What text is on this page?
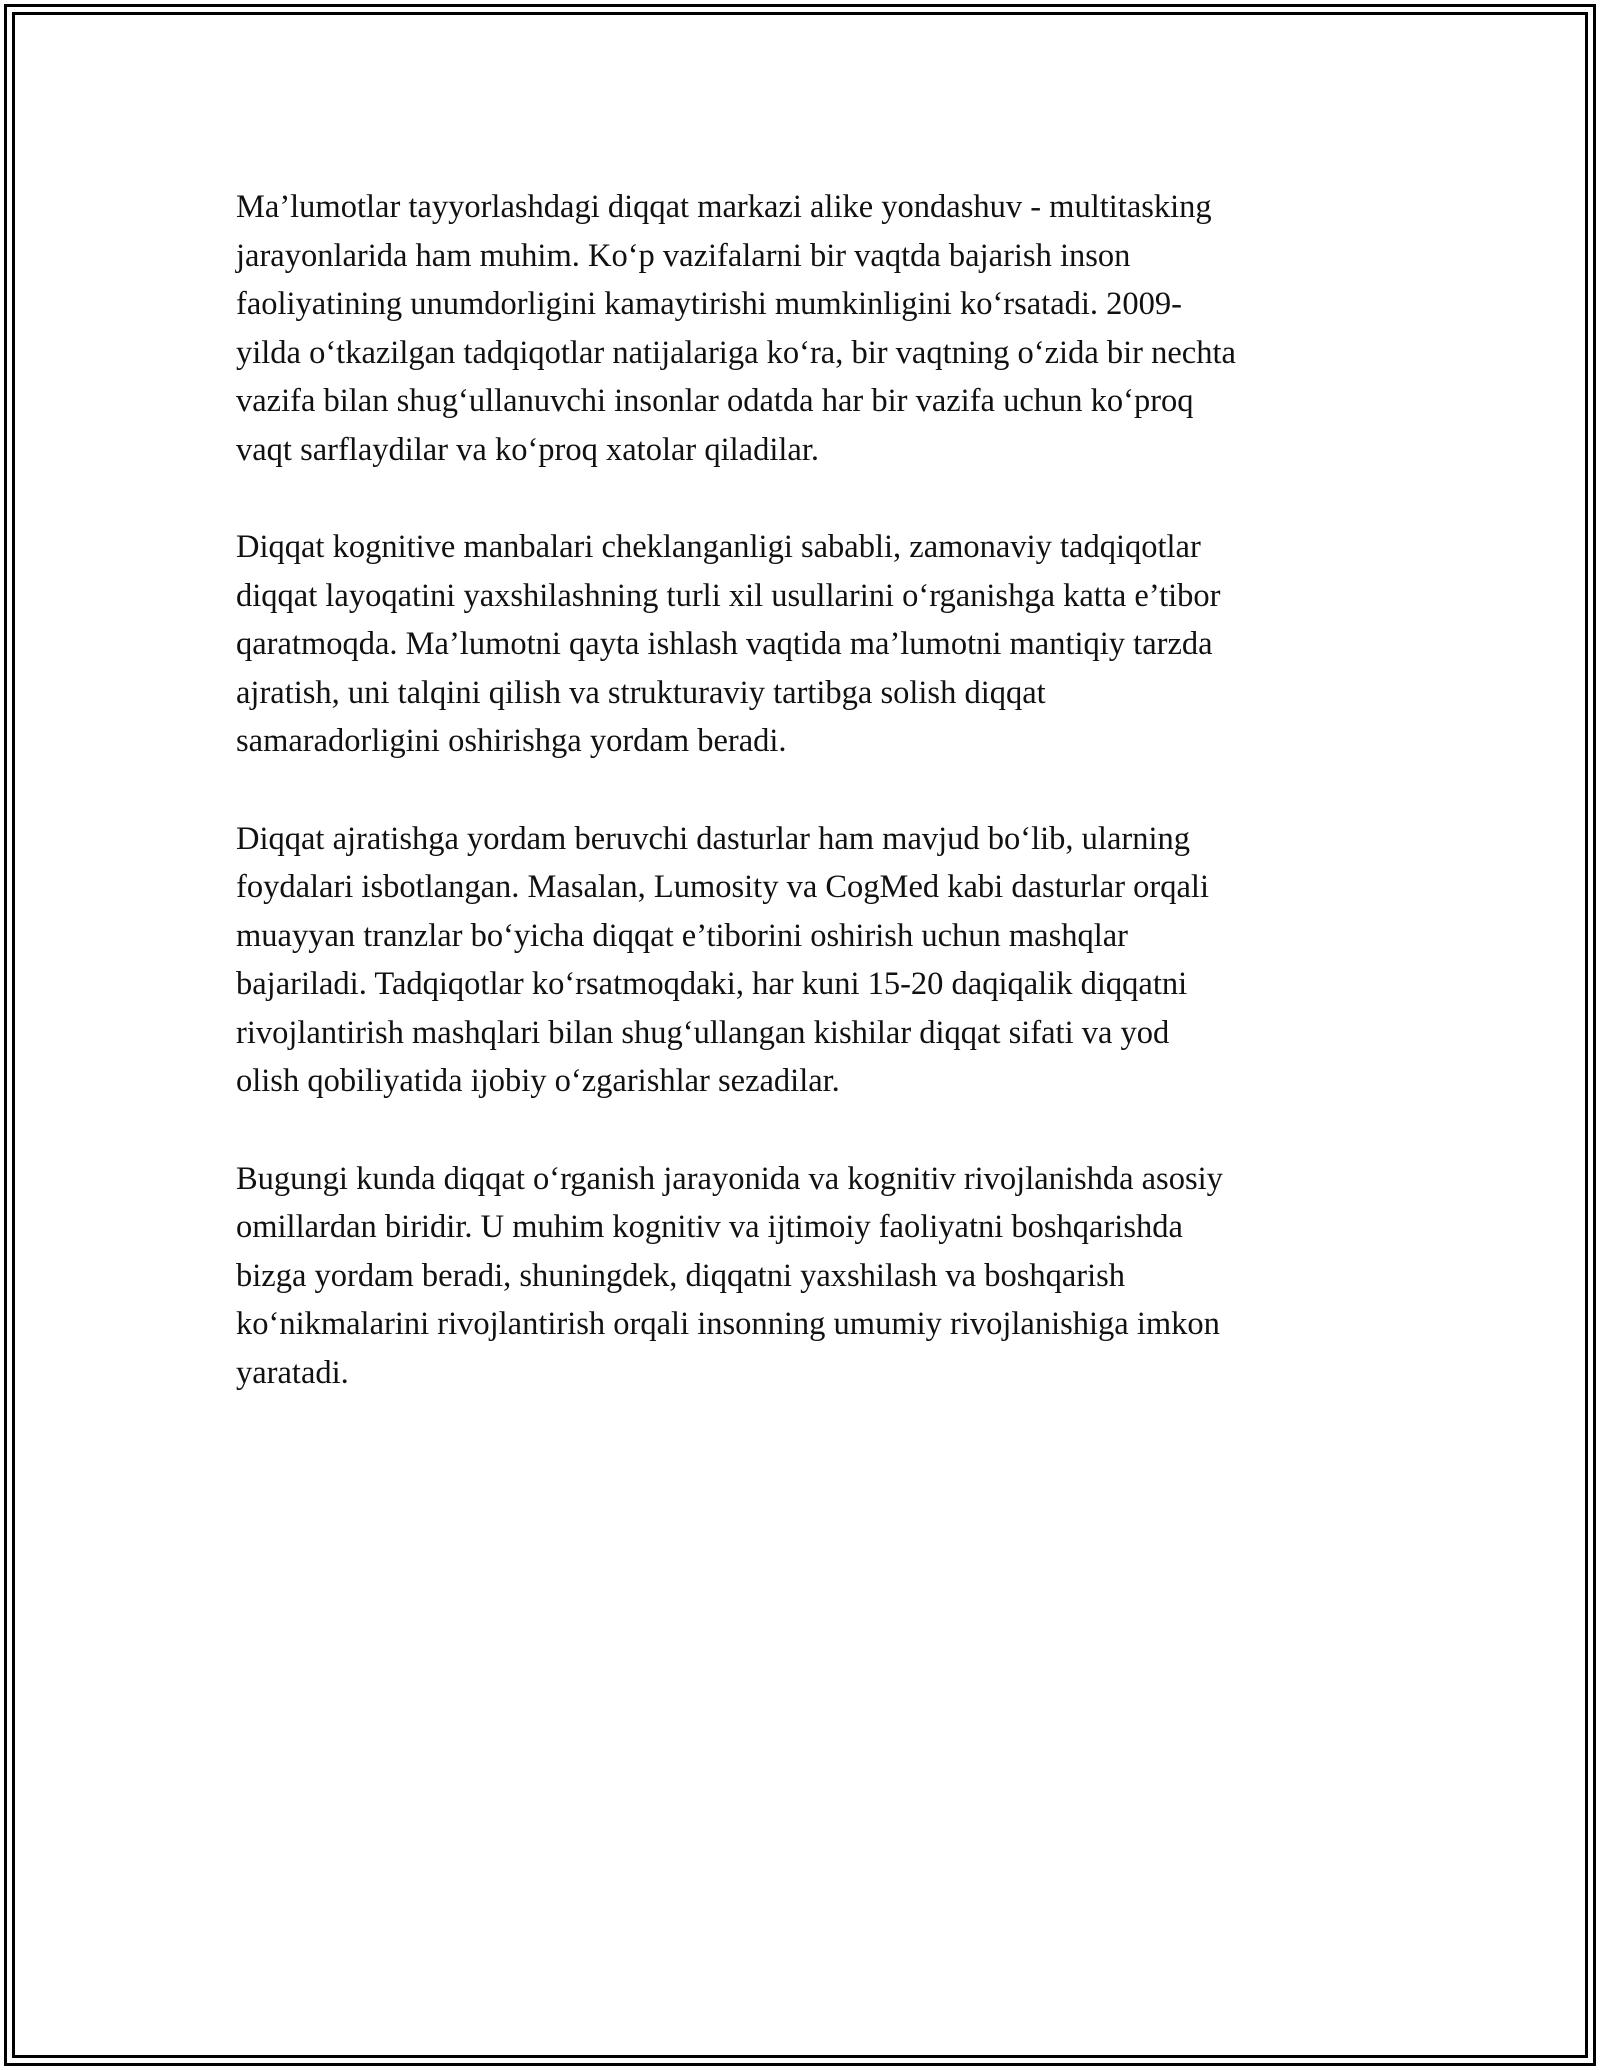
Ma’lumotlar tayyorlashdagi diqqat markazi alike yondashuv - multitasking
jarayonlarida ham muhim. Koʻp vazifalarni bir vaqtda bajarish inson
faoliyatining unumdorligini kamaytirishi mumkinligini koʻrsatadi. 2009-
yilda oʻtkazilgan tadqiqotlar natijalariga koʻra, bir vaqtning oʻzida bir nechta
vazifa bilan shugʻullanuvchi insonlar odatda har bir vazifa uchun koʻproq
vaqt sarflaydilar va koʻproq xatolar qiladilar.

Diqqat kognitive manbalari cheklanganligi sababli, zamonaviy tadqiqotlar
diqqat layoqatini yaxshilashning turli xil usullarini oʻrganishga katta e’tibor
qaratmoqda. Ma’lumotni qayta ishlash vaqtida ma’lumotni mantiqiy tarzda
ajratish, uni talqini qilish va strukturaviy tartibga solish diqqat
samaradorligini oshirishga yordam beradi.

Diqqat ajratishga yordam beruvchi dasturlar ham mavjud boʻlib, ularning
foydalari isbotlangan. Masalan, Lumosity va CogMed kabi dasturlar orqali
muayyan tranzlar boʻyicha diqqat e’tiborini oshirish uchun mashqlar
bajariladi. Tadqiqotlar koʻrsatmoqdaki, har kuni 15-20 daqiqalik diqqatni
rivojlantirish mashqlari bilan shugʻullangan kishilar diqqat sifati va yod
olish qobiliyatida ijobiy oʻzgarishlar sezadilar.

Bugungi kunda diqqat oʻrganish jarayonida va kognitiv rivojlanishda asosiy
omillardan biridir. U muhim kognitiv va ijtimoiy faoliyatni boshqarishda
bizga yordam beradi, shuningdek, diqqatni yaxshilash va boshqarish
koʻnikmalarini rivojlantirish orqali insonning umumiy rivojlanishiga imkon
yaratadi.
